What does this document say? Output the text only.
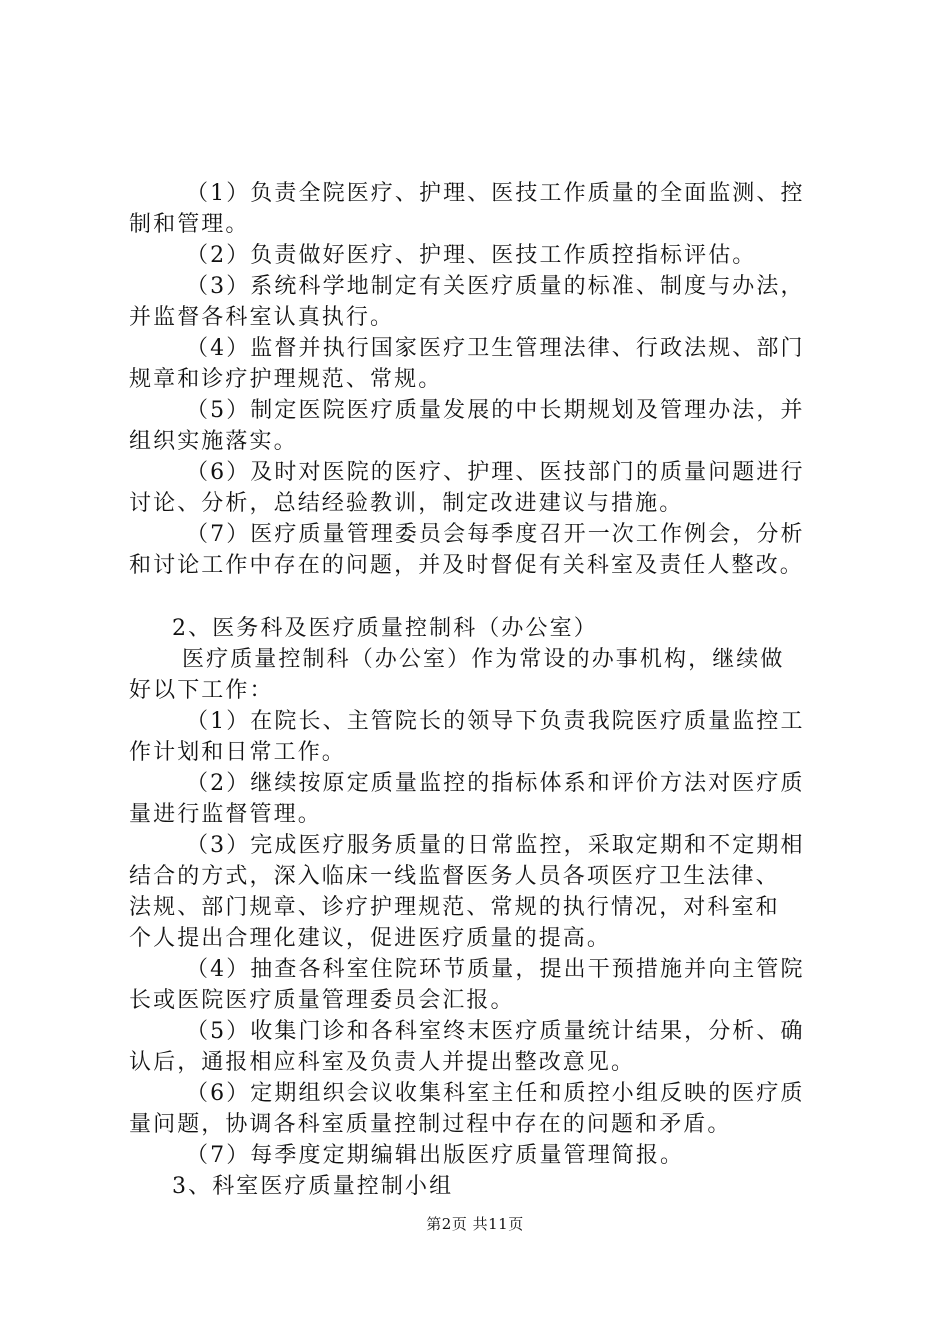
（1）负责全院医疗、护理、医技工作质量的全面监测、控
制和管理。
（2）负责做好医疗、护理、医技工作质控指标评估。
（3）系统科学地制定有关医疗质量的标准、制度与办法，
并监督各科室认真执行。
（4）监督并执行国家医疗卫生管理法律、行政法规、部门
规章和诊疗护理规范、常规。
（5）制定医院医疗质量发展的中长期规划及管理办法，并
组织实施落实。
（6）及时对医院的医疗、护理、医技部门的质量问题进行
讨论、分析，总结经验教训，制定改进建议与措施。
（7）医疗质量管理委员会每季度召开一次工作例会，分析
和讨论工作中存在的问题，并及时督促有关科室及责任人整改。
2、医务科及医疗质量控制科（办公室）
医疗质量控制科（办公室）作为常设的办事机构，继续做
好以下工作：
（1）在院长、主管院长的领导下负责我院医疗质量监控工
作计划和日常工作。
（2）继续按原定质量监控的指标体系和评价方法对医疗质
量进行监督管理。
（3）完成医疗服务质量的日常监控，采取定期和不定期相
结合的方式，深入临床一线监督医务人员各项医疗卫生法律、
法规、部门规章、诊疗护理规范、常规的执行情况，对科室和
个人提出合理化建议，促进医疗质量的提高。
（4）抽查各科室住院环节质量，提出干预措施并向主管院
长或医院医疗质量管理委员会汇报。
（5）收集门诊和各科室终末医疗质量统计结果，分析、确
认后，通报相应科室及负责人并提出整改意见。
（6）定期组织会议收集科室主任和质控小组反映的医疗质
量问题，协调各科室质量控制过程中存在的问题和矛盾。
（7）每季度定期编辑出版医疗质量管理简报。
3、科室医疗质量控制小组
第2页 共11页
